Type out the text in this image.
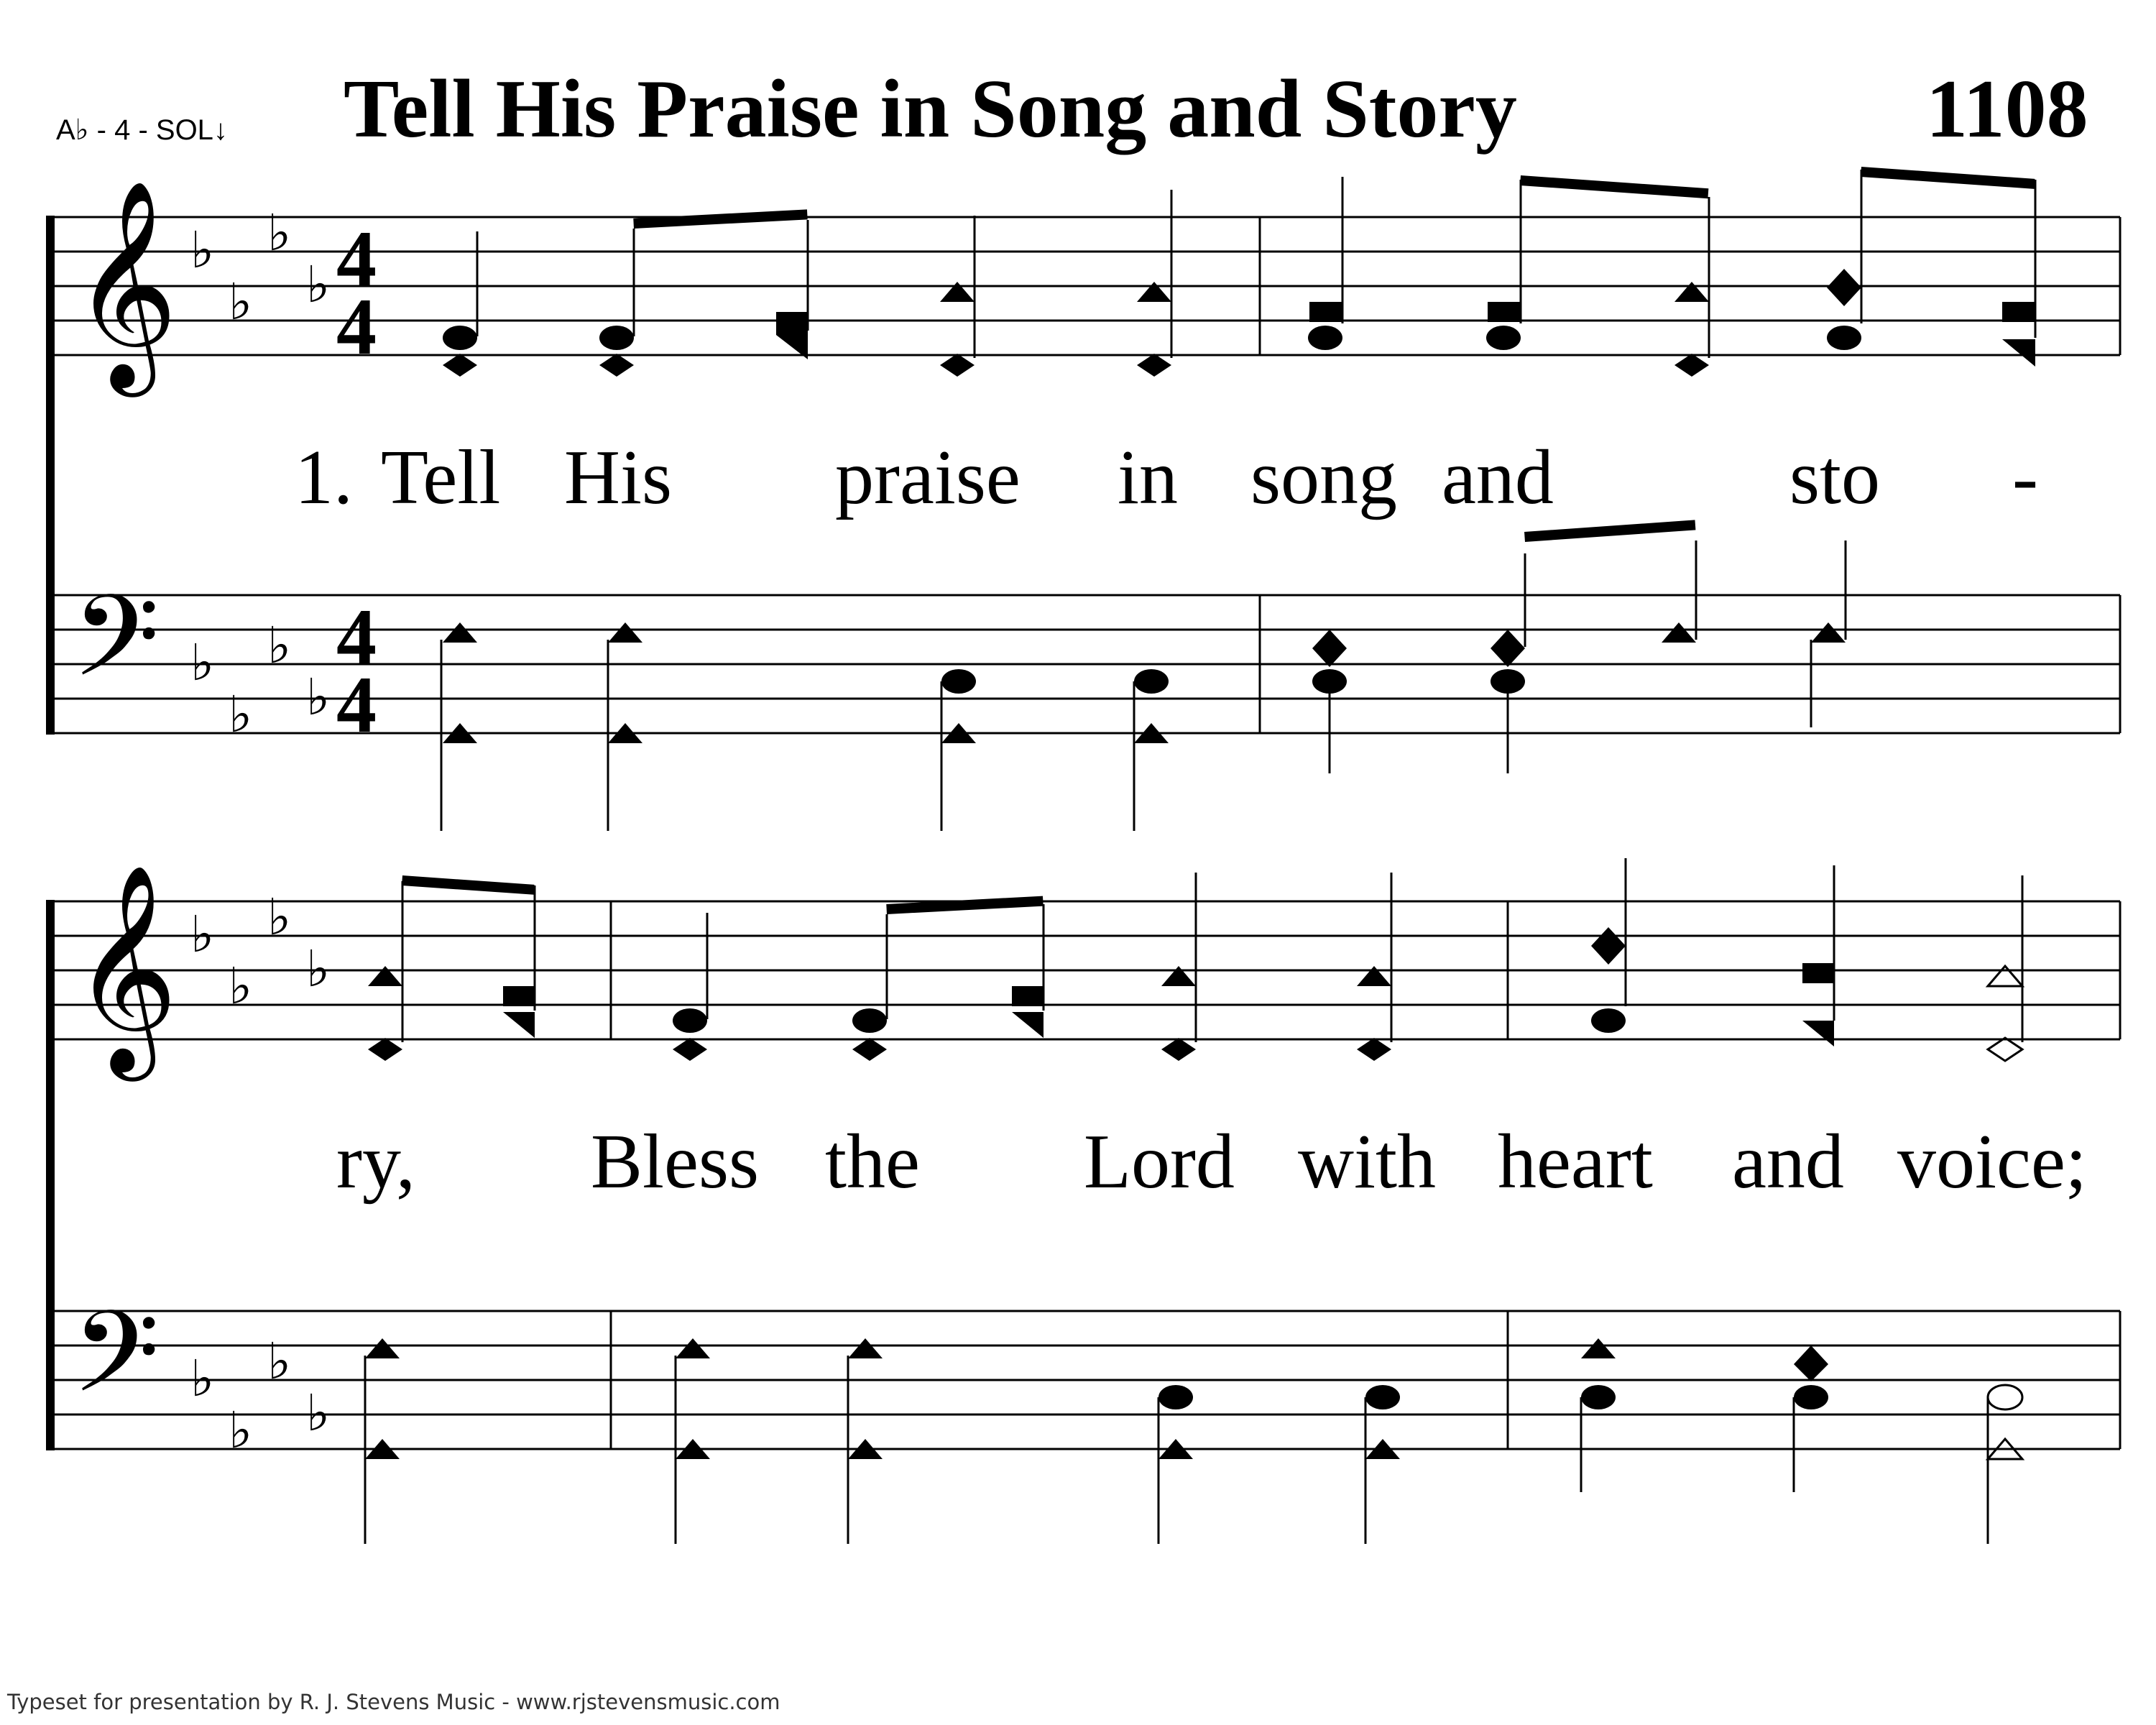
A♭ - 4 - SOL↓ Tell His Praise in Song and Story	1108
𝄞
𝄢
♭
♭
♭
♭
♭
♭
♭
♭
4
4
4
4
1. Tell His praise in song and	sto -
𝄞
𝄢
♭
♭
♭
♭
♭
♭
♭
♭
ry, Bless the Lord with heart and voice;
Typeset for presentation by R. J. Stevens Music - www.rjstevensmusic.com
